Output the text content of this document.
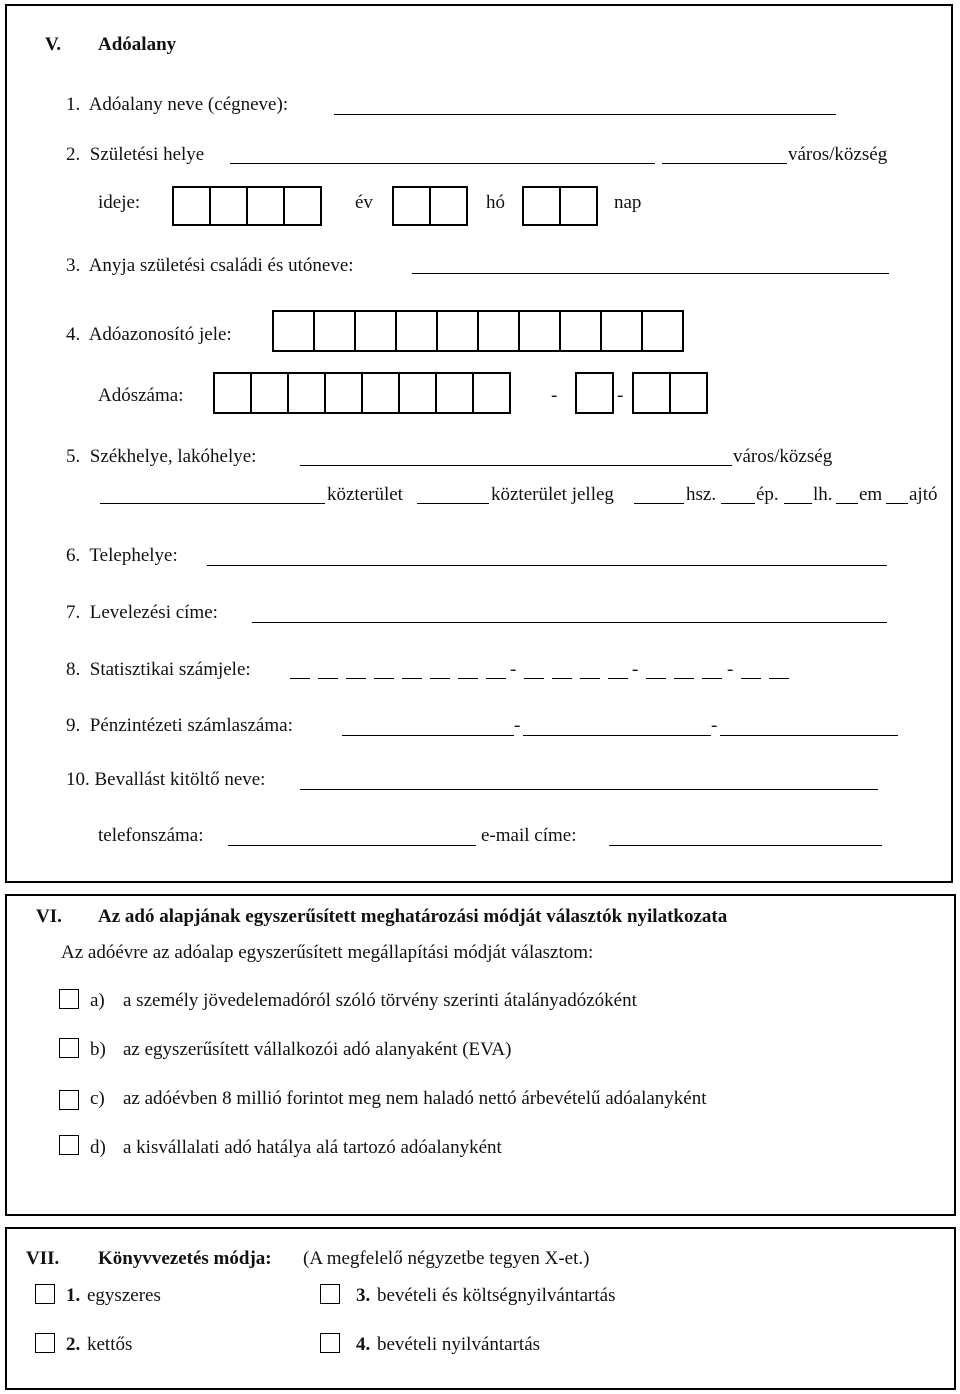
V. Adóalany
1.  Adóalany neve (cégneve):
2.  Születési helye	város/község
ideje:	év	hó	nap
3.  Anyja születési családi és utóneve:
4.  Adóazonosító jele:
Adószáma:	-	-
5.  Székhelye, lakóhelye:	város/község
közterület	közterület jelleg	hsz. ép. lh. em ajtó
6.  Telephelye:
7.  Levelezési címe:
8.  Statisztikai számjele:	-	-	-
9.  Pénzintézeti számlaszáma:	-	-
10. Bevallást kitöltő neve:
telefonszáma:	e-mail címe:
VI. Az adó alapjának egyszerűsített meghatározási módját választók nyilatkozata
Az adóévre az adóalap egyszerűsített megállapítási módját választom:
a) a személy jövedelemadóról szóló törvény szerinti átalányadózóként
b) az egyszerűsített vállalkozói adó alanyaként (EVA)
c) az adóévben 8 millió forintot meg nem haladó nettó árbevételű adóalanyként
d) a kisvállalati adó hatálya alá tartozó adóalanyként
VII. Könyvvezetés módja: (A megfelelő négyzetbe tegyen X-et.)
1. egyszeres	3. bevételi és költségnyilvántartás
2. kettős	4. bevételi nyilvántartás
